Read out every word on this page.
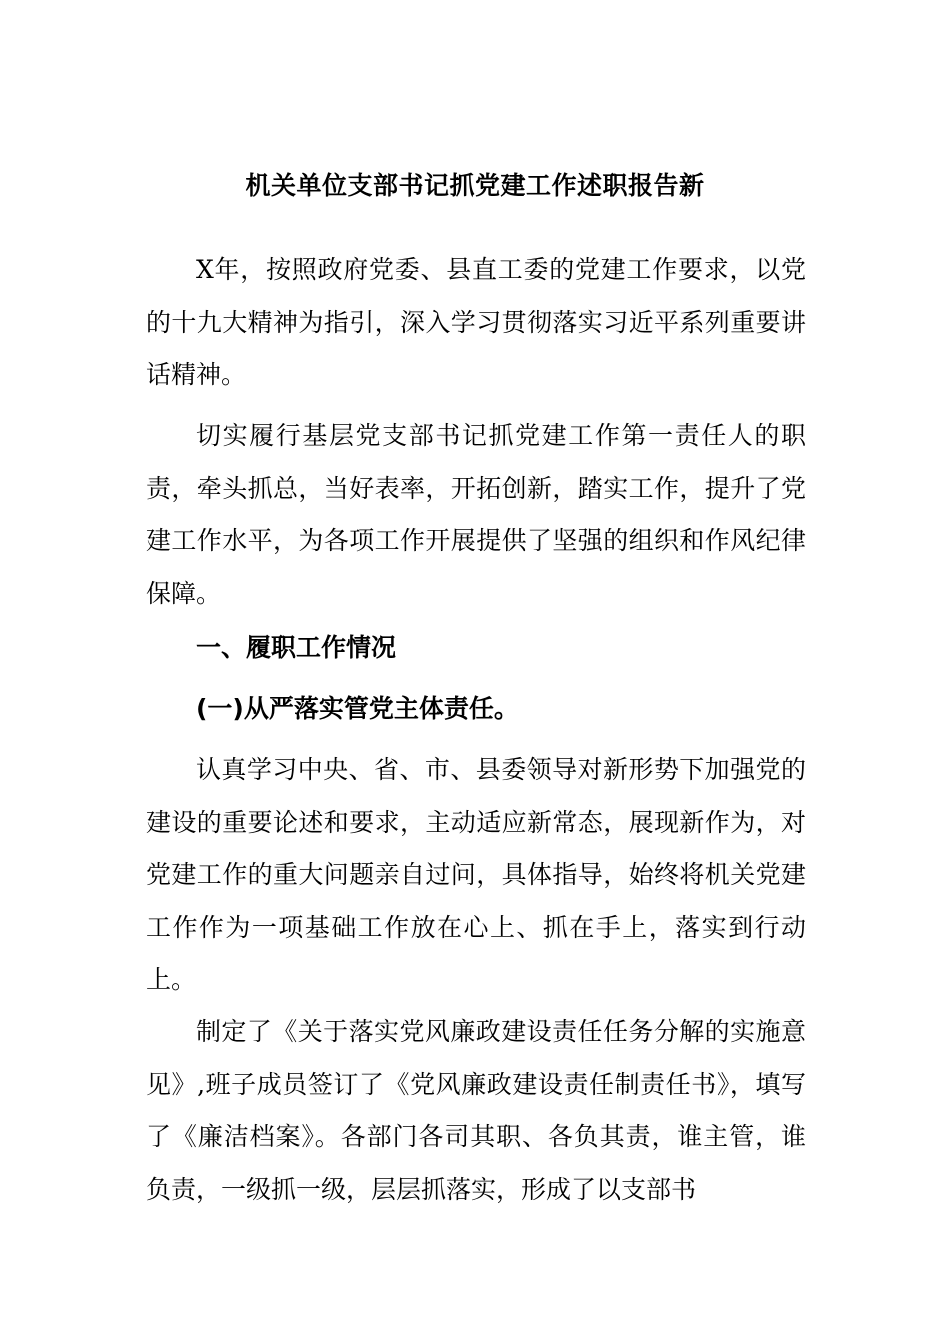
机关单位支部书记抓党建工作述职报告新

X年，按照政府党委、县直工委的党建工作要求，以党的十九大精神为指引，深入学习贯彻落实习近平系列重要讲话精神。

切实履行基层党支部书记抓党建工作第一责任人的职责，牵头抓总，当好表率，开拓创新，踏实工作，提升了党建工作水平，为各项工作开展提供了坚强的组织和作风纪律保障。

一、履职工作情况

(一)从严落实管党主体责任。

认真学习中央、省、市、县委领导对新形势下加强党的建设的重要论述和要求，主动适应新常态，展现新作为，对党建工作的重大问题亲自过问，具体指导，始终将机关党建工作作为一项基础工作放在心上、抓在手上，落实到行动上。

制定了《关于落实党风廉政建设责任任务分解的实施意见》,班子成员签订了《党风廉政建设责任制责任书》，填写了《廉洁档案》。各部门各司其职、各负其责，谁主管，谁负责，一级抓一级，层层抓落实，形成了以支部书
